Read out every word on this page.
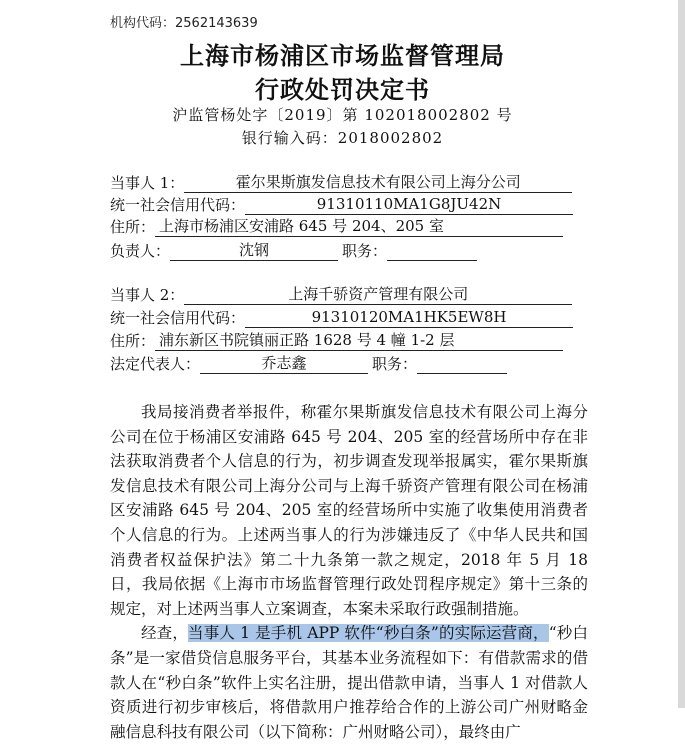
机构代码：2562143639
上海市杨浦区市场监督管理局
行政处罚决定书
沪监管杨处字〔2019〕第 102018002802 号
银行输入码：2018002802
当事人 1：	霍尔果斯旗发信息技术有限公司上海分公司
统一社会信用代码：	91310110MA1G8JU42N
住所： 上海市杨浦区安浦路 645 号 204、205 室
负责人：	沈钢	职务：
当事人 2：	上海千骄资产管理有限公司
统一社会信用代码：	91310120MA1HK5EW8H
住所： 浦东新区书院镇丽正路 1628 号 4 幢 1-2 层
法定代表人：	乔志鑫	职务：

我局接消费者举报件，称霍尔果斯旗发信息技术有限公司上海分公司在位于杨浦区安浦路 645 号 204、205 室的经营场所中存在非法获取消费者个人信息的行为，初步调查发现举报属实，霍尔果斯旗发信息技术有限公司上海分公司与上海千骄资产管理有限公司在杨浦区安浦路 645 号 204、205 室的经营场所中实施了收集使用消费者个人信息的行为。上述两当事人的行为涉嫌违反了《中华人民共和国消费者权益保护法》第二十九条第一款之规定，2018 年 5 月 18 日，我局依据《上海市市场监督管理行政处罚程序规定》第十三条的规定，对上述两当事人立案调查，本案未采取行政强制措施。

经查，当事人 1 是手机 APP 软件“秒白条”的实际运营商，“秒白条”是一家借贷信息服务平台，其基本业务流程如下：有借款需求的借款人在“秒白条”软件上实名注册，提出借款申请，当事人 1 对借款人资质进行初步审核后，将借款用户推荐给合作的上游公司广州财略金融信息科技有限公司（以下简称：广州财略公司），最终由广
